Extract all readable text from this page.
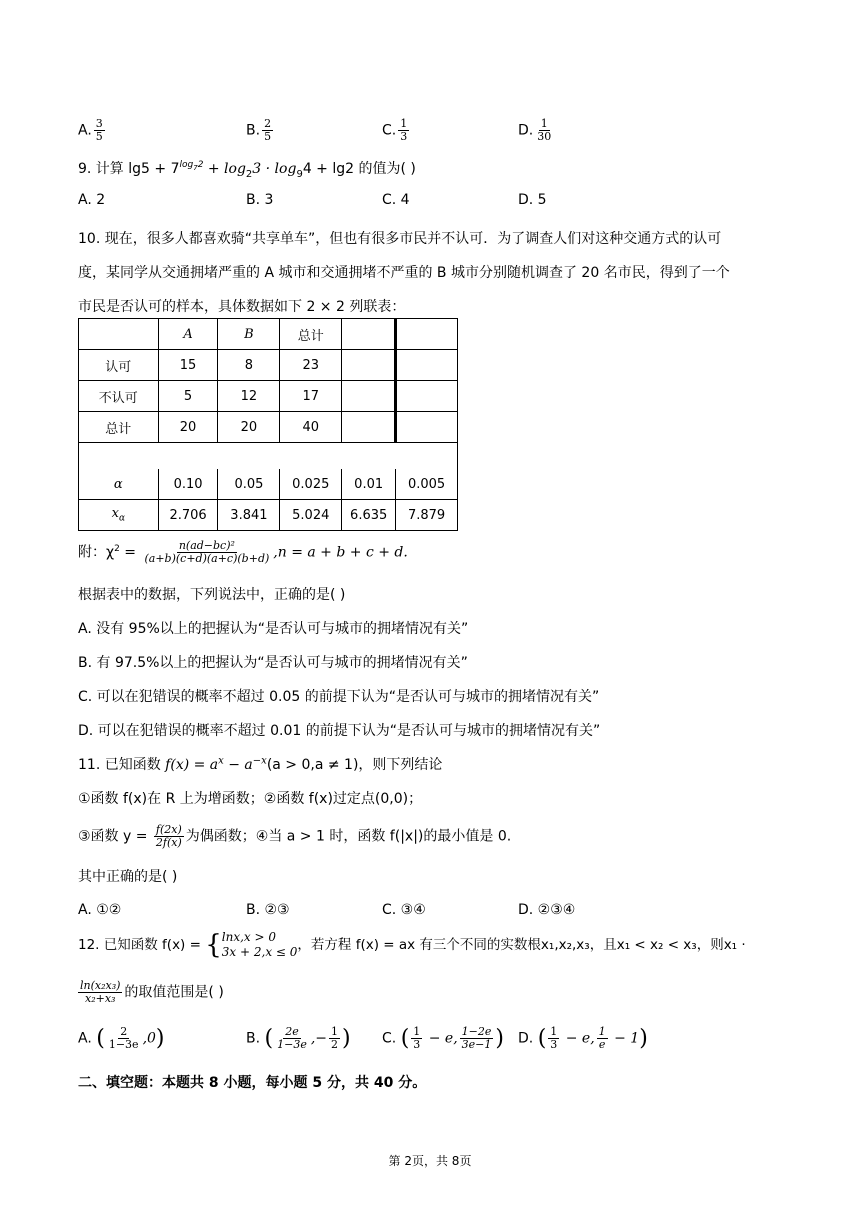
A. $\frac{3}{5}$	B. $\frac{2}{5}$	C. $\frac{1}{3}$	D. $\frac{1}{30}$
9. 计算 $\lg 5 + 7^{log_72} + \log_23 \cdot \log_94 + \lg 2$ 的值为( )
A. 2	B. 3	C. 4	D. 5
10. 现在，很多人都喜欢骑“共享单车”，但也有很多市民并不认可．为了调查人们对这种交通方式的认可
度，某同学从交通拥堵严重的 A 城市和交通拥堵不严重的 B 城市分别随机调查了 20 名市民，得到了一个
市民是否认可的样本，具体数据如下 2 × 2 列联表：
	A	B	总计		
认可	15	8	23		
不认可	5	12	17		
总计	20	20	40		

α	0.10	0.05	0.025	0.01	0.005
$x_\alpha$	2.706	3.841	5.024	6.635	7.879
附：$\chi^2 = \frac{\text{n(ad−bc)²}}{(a+b)(c+d)(a+c)(b+d)} ,n = a + b + c + d$.
根据表中的数据，下列说法中，正确的是( )
A. 没有 95%以上的把握认为“是否认可与城市的拥堵情况有关”
B. 有 97.5%以上的把握认为“是否认可与城市的拥堵情况有关”
C. 可以在犯错误的概率不超过 0.05 的前提下认为“是否认可与城市的拥堵情况有关”
D. 可以在犯错误的概率不超过 0.01 的前提下认为“是否认可与城市的拥堵情况有关”
11. 已知函数 $f(x) = a^x - a^{-x}(a > 0,a \ne 1)$，则下列结论
①函数 f(x)在 R 上为增函数；②函数 f(x)过定点(0,0)；
③函数 $y = \frac{f(2x)}{2f(x)}$ 为偶函数；④当 a > 1 时，函数 f(|x|)的最小值是 0.
其中正确的是( )
A. ①②	B. ②③	C. ③④	D. ②③④
12. 已知函数 f(x) = { lnx,x > 0
3x + 2,x ≤ 0 ，若方程 f(x) = ax 有三个不同的实数根x₁,x₂,x₃，且x₁ < x₂ < x₃，则x₁ ·
$\frac{\text{ln(x₂x₃)}}{\text{x₂+x₃}}$ 的取值范围是( )
A. ( $\frac{2}{1-3e} ,0$)	B. ( $\frac{2e}{1-3e}$ ,− $\frac{1}{2}$ ) C. ( $\frac{1}{3} - e$, $\frac{1-2e}{3e-1}$ ) D. ( $\frac{1}{3} - e$, $\frac{1}{e} - 1$)
二、填空题：本题共 8 小题，每小题 5 分，共 40 分。
第 2页，共 8页
